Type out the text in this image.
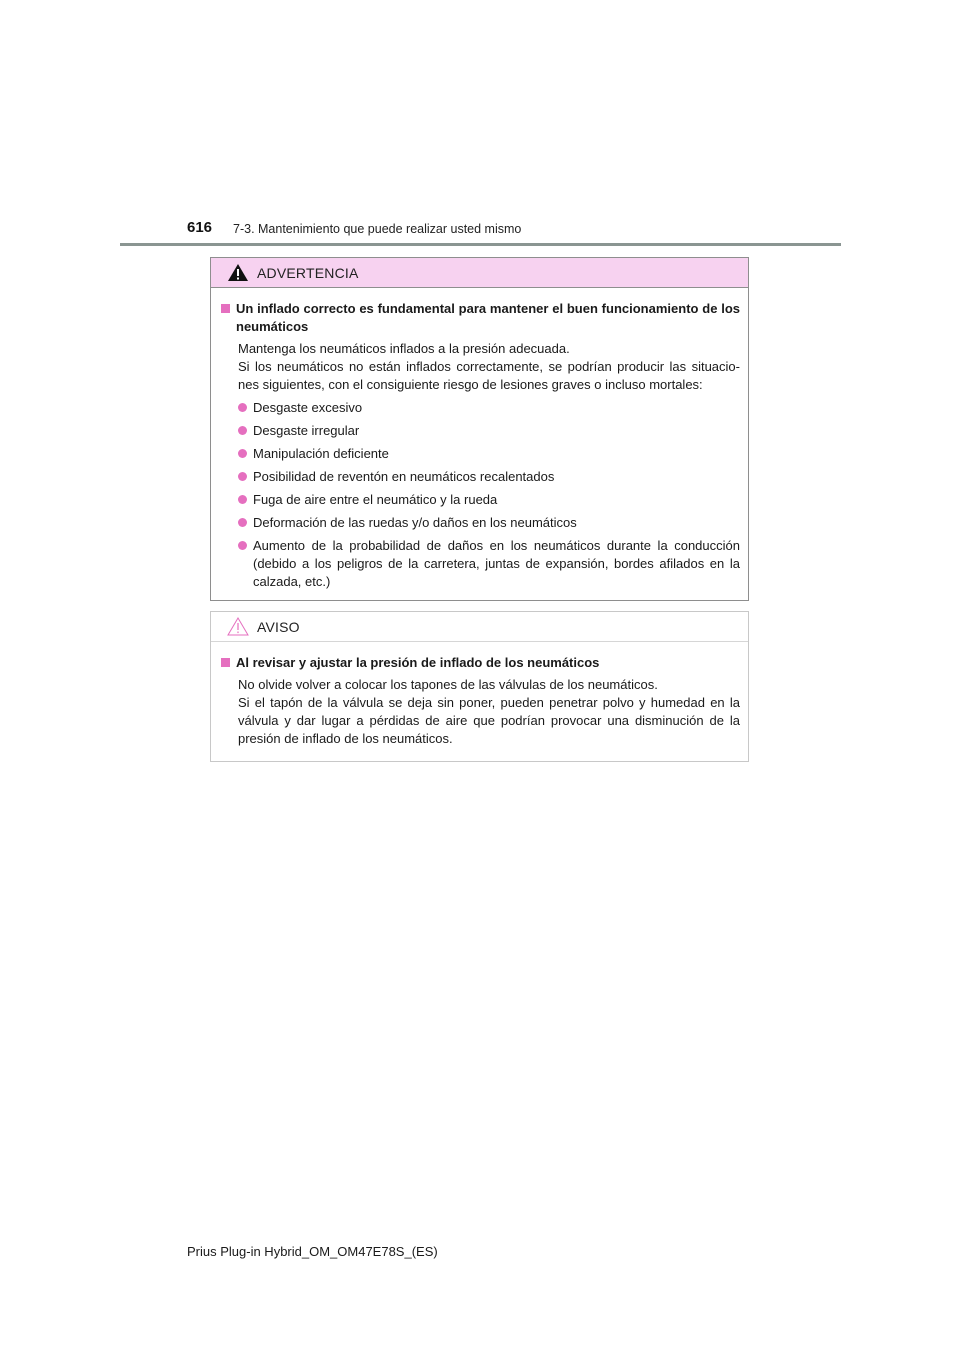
616 7-3. Mantenimiento que puede realizar usted mismo
ADVERTENCIA
Un inflado correcto es fundamental para mantener el buen funcionamiento de los neumáticos
Mantenga los neumáticos inflados a la presión adecuada.
Si los neumáticos no están inflados correctamente, se podrían producir las situacio-nes siguientes, con el consiguiente riesgo de lesiones graves o incluso mortales:
Desgaste excesivo
Desgaste irregular
Manipulación deficiente
Posibilidad de reventón en neumáticos recalentados
Fuga de aire entre el neumático y la rueda
Deformación de las ruedas y/o daños en los neumáticos
Aumento de la probabilidad de daños en los neumáticos durante la conducción (debido a los peligros de la carretera, juntas de expansión, bordes afilados en la calzada, etc.)
AVISO
Al revisar y ajustar la presión de inflado de los neumáticos
No olvide volver a colocar los tapones de las válvulas de los neumáticos.
Si el tapón de la válvula se deja sin poner, pueden penetrar polvo y humedad en la válvula y dar lugar a pérdidas de aire que podrían provocar una disminución de la presión de inflado de los neumáticos.
Prius Plug-in Hybrid_OM_OM47E78S_(ES)
